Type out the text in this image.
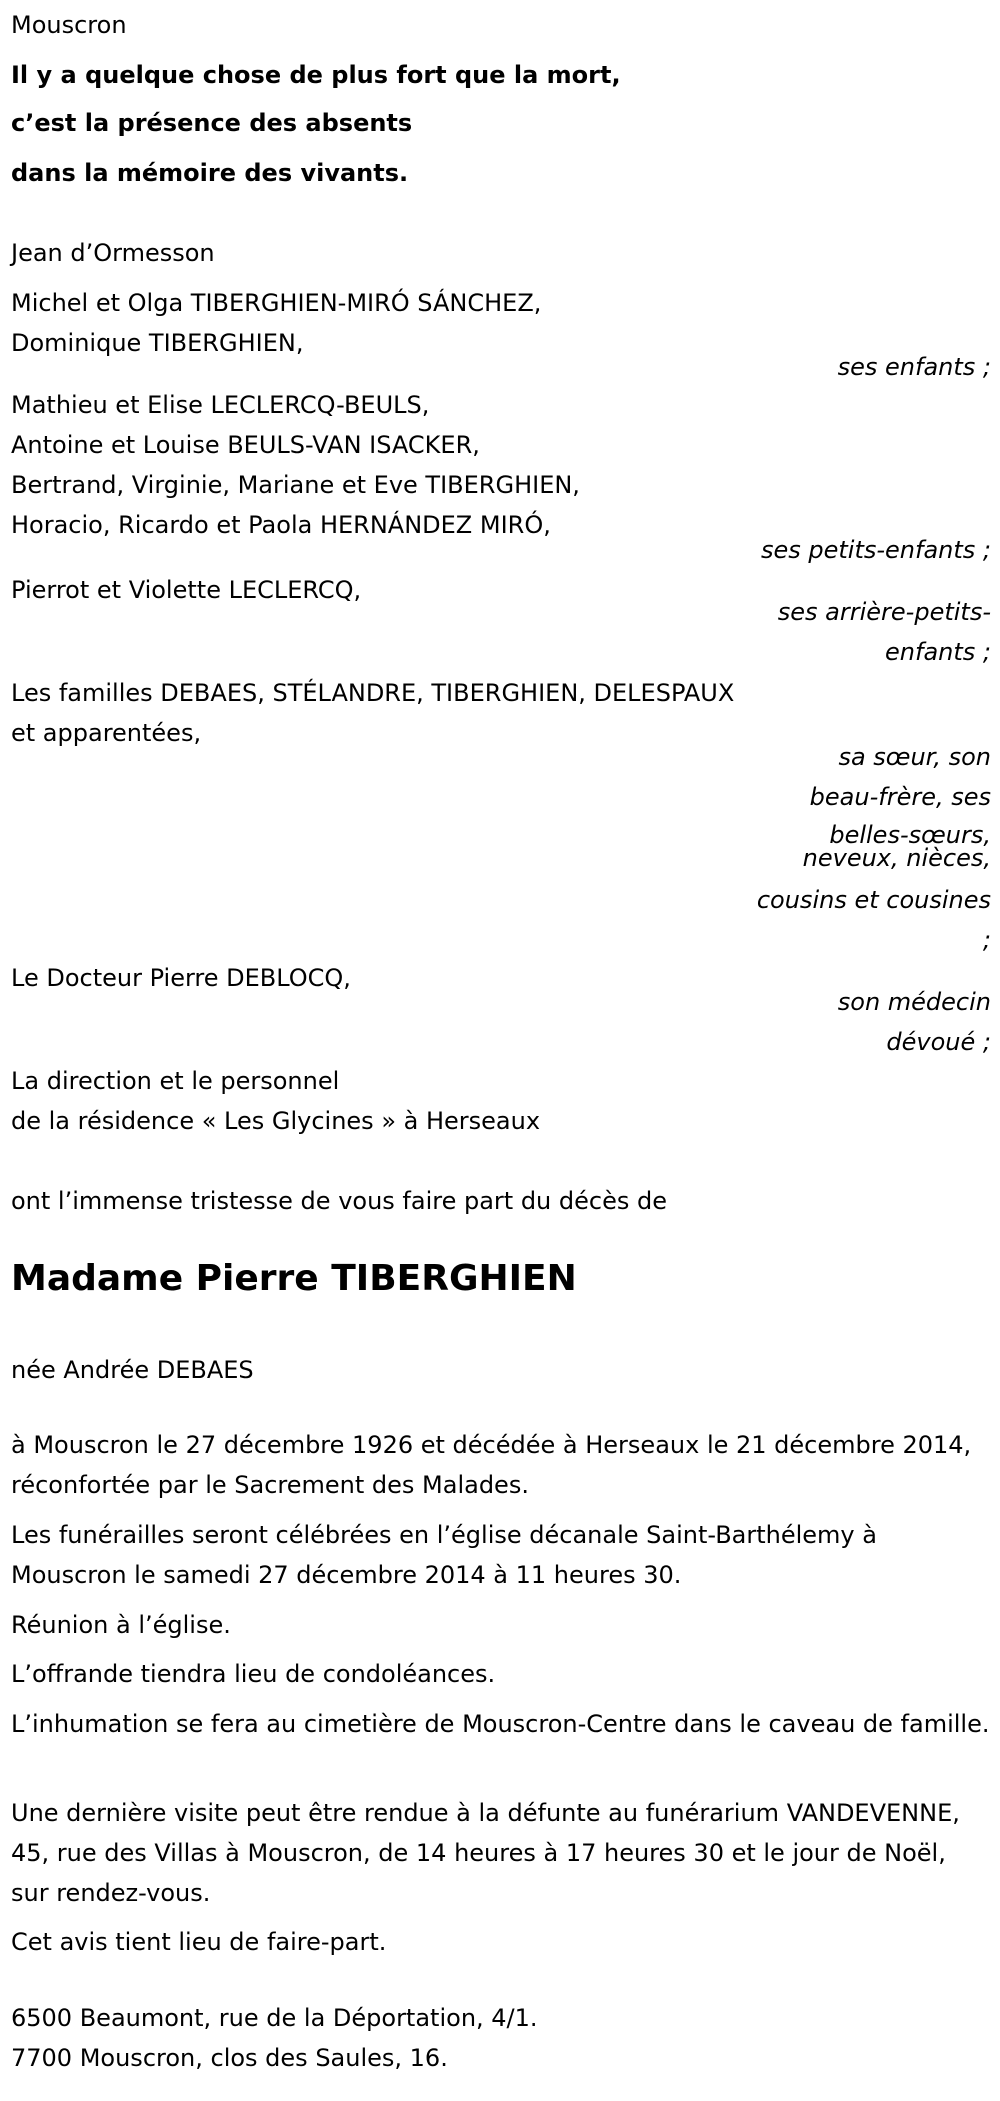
Mouscron
Il y a quelque chose de plus fort que la mort,
c’est la présence des absents
dans la mémoire des vivants.
Jean d’Ormesson
Michel et Olga TIBERGHIEN-MIRÓ SÁNCHEZ,
Dominique TIBERGHIEN,
ses enfants ;
Mathieu et Elise LECLERCQ-BEULS,
Antoine et Louise BEULS-VAN ISACKER,
Bertrand, Virginie, Mariane et Eve TIBERGHIEN,
Horacio, Ricardo et Paola HERNÁNDEZ MIRÓ,
ses petits-enfants ;
Pierrot et Violette LECLERCQ,
ses arrière-petits-
enfants ;
Les familles DEBAES, STÉLANDRE, TIBERGHIEN, DELESPAUX
et apparentées,
sa sœur, son
beau-frère, ses
belles-sœurs,
neveux, nièces,
cousins et cousines
;
Le Docteur Pierre DEBLOCQ,
son médecin
dévoué ;
La direction et le personnel
de la résidence « Les Glycines » à Herseaux
ont l’immense tristesse de vous faire part du décès de
Madame Pierre TIBERGHIEN
née Andrée DEBAES
à Mouscron le 27 décembre 1926 et décédée à Herseaux le 21 décembre 2014, réconfortée par le Sacrement des Malades.
Les funérailles seront célébrées en l’église décanale Saint-Barthélemy à Mouscron le samedi 27 décembre 2014 à 11 heures 30.
Réunion à l’église.
L’offrande tiendra lieu de condoléances.
L’inhumation se fera au cimetière de Mouscron-Centre dans le caveau de famille.
Une dernière visite peut être rendue à la défunte au funérarium VANDEVENNE, 45, rue des Villas à Mouscron, de 14 heures à 17 heures 30 et le jour de Noël, sur rendez-vous.
Cet avis tient lieu de faire-part.
6500 Beaumont, rue de la Déportation, 4/1.
7700 Mouscron, clos des Saules, 16.
